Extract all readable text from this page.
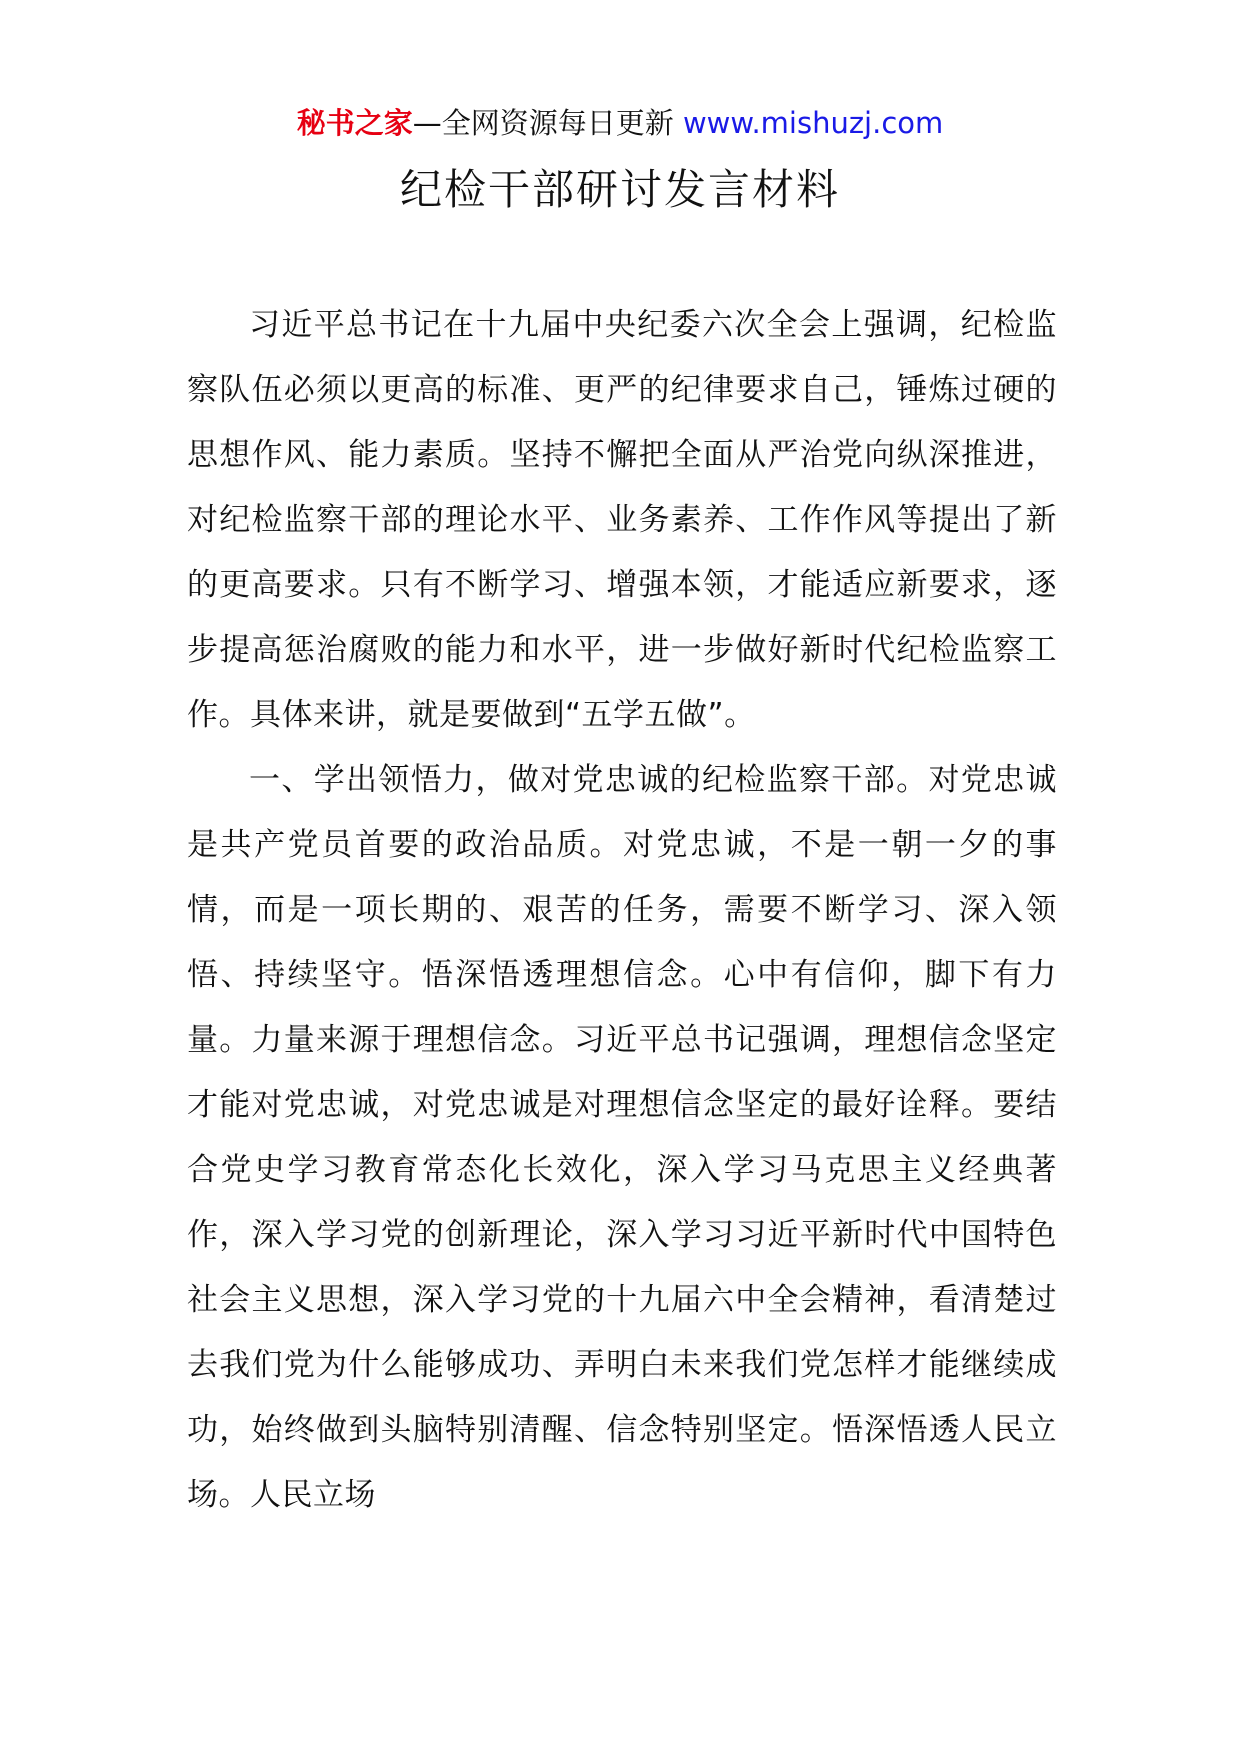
秘书之家—全网资源每日更新 www.mishuzj.com
纪检干部研讨发言材料

习近平总书记在十九届中央纪委六次全会上强调，纪检监察队伍必须以更高的标准、更严的纪律要求自己，锤炼过硬的思想作风、能力素质。坚持不懈把全面从严治党向纵深推进，对纪检监察干部的理论水平、业务素养、工作作风等提出了新的更高要求。只有不断学习、增强本领，才能适应新要求，逐步提高惩治腐败的能力和水平，进一步做好新时代纪检监察工作。具体来讲，就是要做到“五学五做”。

一、学出领悟力，做对党忠诚的纪检监察干部。对党忠诚是共产党员首要的政治品质。对党忠诚，不是一朝一夕的事情，而是一项长期的、艰苦的任务，需要不断学习、深入领悟、持续坚守。悟深悟透理想信念。心中有信仰，脚下有力量。力量来源于理想信念。习近平总书记强调，理想信念坚定才能对党忠诚，对党忠诚是对理想信念坚定的最好诠释。要结合党史学习教育常态化长效化，深入学习马克思主义经典著作，深入学习党的创新理论，深入学习习近平新时代中国特色社会主义思想，深入学习党的十九届六中全会精神，看清楚过去我们党为什么能够成功、弄明白未来我们党怎样才能继续成功，始终做到头脑特别清醒、信念特别坚定。悟深悟透人民立场。人民立场
